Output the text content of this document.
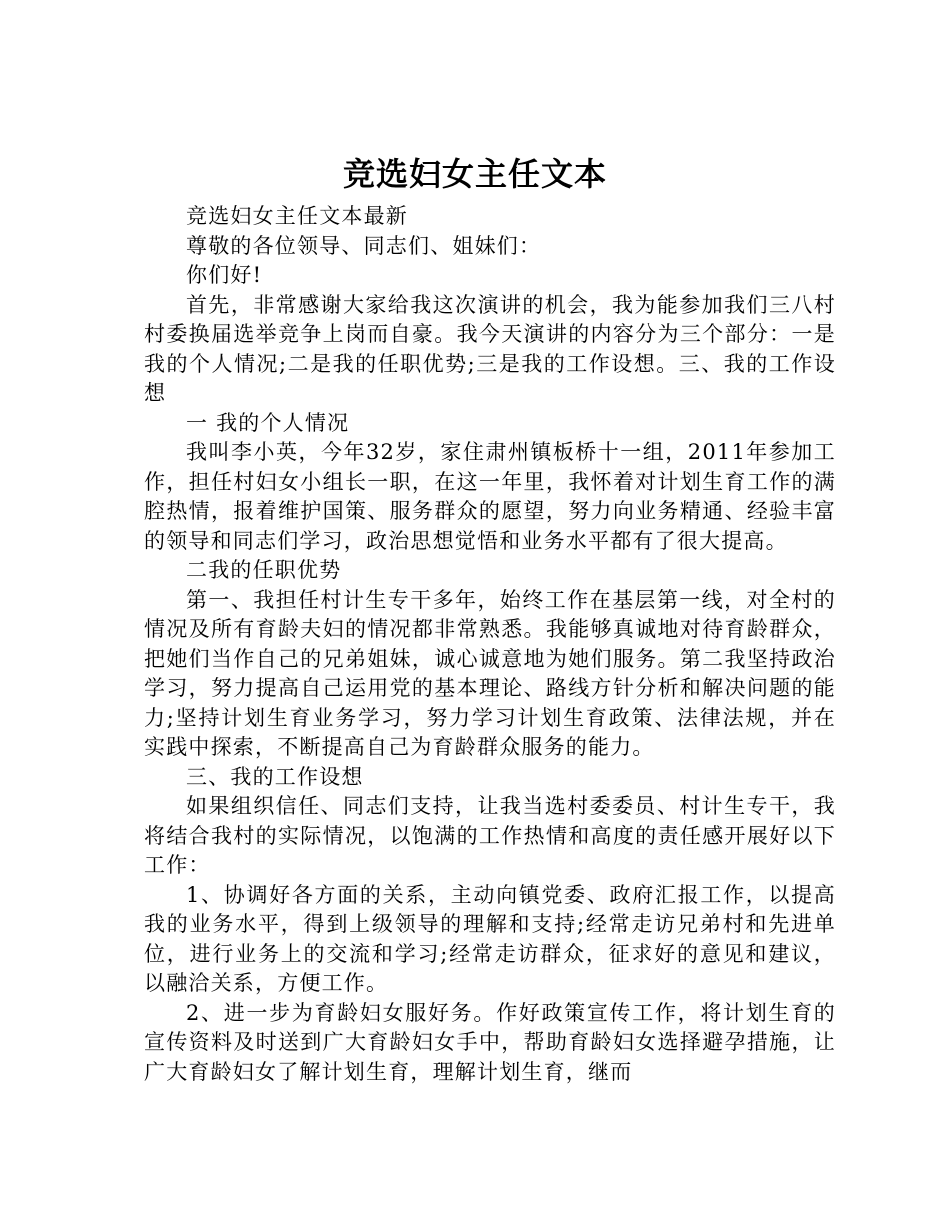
竞选妇女主任文本

竞选妇女主任文本最新

尊敬的各位领导、同志们、姐妹们：

你们好!

首先，非常感谢大家给我这次演讲的机会，我为能参加我们三八村村委换届选举竞争上岗而自豪。我今天演讲的内容分为三个部分：一是我的个人情况;二是我的任职优势;三是我的工作设想。三、我的工作设想

一 我的个人情况

我叫李小英，今年32岁，家住肃州镇板桥十一组，2011年参加工作，担任村妇女小组长一职，在这一年里，我怀着对计划生育工作的满腔热情，报着维护国策、服务群众的愿望，努力向业务精通、经验丰富的领导和同志们学习，政治思想觉悟和业务水平都有了很大提高。

二我的任职优势

第一、我担任村计生专干多年，始终工作在基层第一线，对全村的情况及所有育龄夫妇的情况都非常熟悉。我能够真诚地对待育龄群众，把她们当作自己的兄弟姐妹，诚心诚意地为她们服务。第二我坚持政治学习，努力提高自己运用党的基本理论、路线方针分析和解决问题的能力;坚持计划生育业务学习，努力学习计划生育政策、法律法规，并在实践中探索，不断提高自己为育龄群众服务的能力。

三、我的工作设想

如果组织信任、同志们支持，让我当选村委委员、村计生专干，我将结合我村的实际情况，以饱满的工作热情和高度的责任感开展好以下工作：

1、协调好各方面的关系，主动向镇党委、政府汇报工作，以提高我的业务水平，得到上级领导的理解和支持;经常走访兄弟村和先进单位，进行业务上的交流和学习;经常走访群众，征求好的意见和建议，以融洽关系，方便工作。

2、进一步为育龄妇女服好务。作好政策宣传工作，将计划生育的宣传资料及时送到广大育龄妇女手中，帮助育龄妇女选择避孕措施，让广大育龄妇女了解计划生育，理解计划生育，继而
